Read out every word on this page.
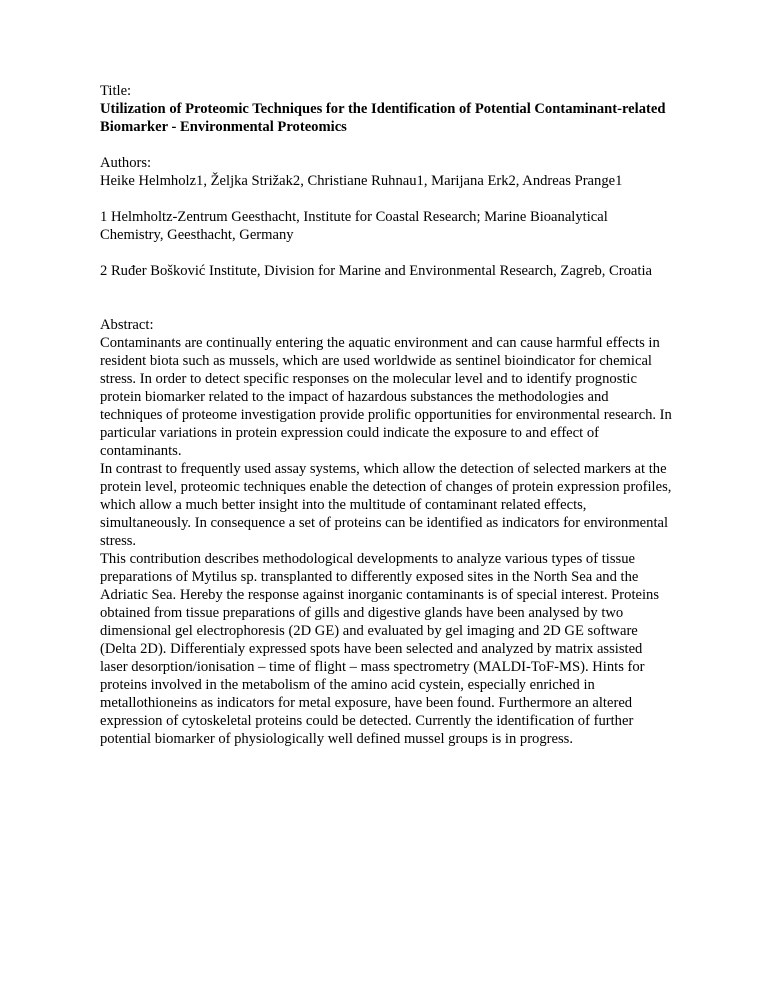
Title:

Utilization of Proteomic Techniques for the Identification of Potential Contaminant-related Biomarker - Environmental Proteomics

Authors:

Heike Helmholz1, Željka Strižak2, Christiane Ruhnau1, Marijana Erk2, Andreas Prange1

1 Helmholtz-Zentrum Geesthacht, Institute for Coastal Research; Marine Bioanalytical Chemistry, Geesthacht, Germany

2 Ruđer Bošković Institute, Division for Marine and Environmental Research, Zagreb, Croatia

Abstract:

Contaminants are continually entering the aquatic environment and can cause harmful effects in resident biota such as mussels, which are used worldwide as sentinel bioindicator for chemical stress. In order to detect specific responses on the molecular level and to identify prognostic protein biomarker related to the impact of hazardous substances the methodologies and techniques of proteome investigation provide prolific opportunities for environmental research. In particular variations in protein expression could indicate the exposure to and effect of contaminants.

In contrast to frequently used assay systems, which allow the detection of selected markers at the protein level, proteomic techniques enable the detection of changes of protein expression profiles, which allow a much better insight into the multitude of contaminant related effects, simultaneously. In consequence a set of proteins can be identified as indicators for environmental stress.

This contribution describes methodological developments to analyze various types of tissue preparations of Mytilus sp. transplanted to differently exposed sites in the North Sea and the Adriatic Sea. Hereby the response against inorganic contaminants is of special interest. Proteins obtained from tissue preparations of gills and digestive glands have been analysed by two dimensional gel electrophoresis (2D GE) and evaluated by gel imaging and 2D GE software (Delta 2D). Differentialy expressed spots have been selected and analyzed by matrix assisted laser desorption/ionisation – time of flight – mass spectrometry (MALDI-ToF-MS). Hints for proteins involved in the metabolism of the amino acid cystein, especially enriched in metallothioneins as indicators for metal exposure, have been found. Furthermore an altered expression of cytoskeletal proteins could be detected. Currently the identification of further potential biomarker of physiologically well defined mussel groups is in progress.
